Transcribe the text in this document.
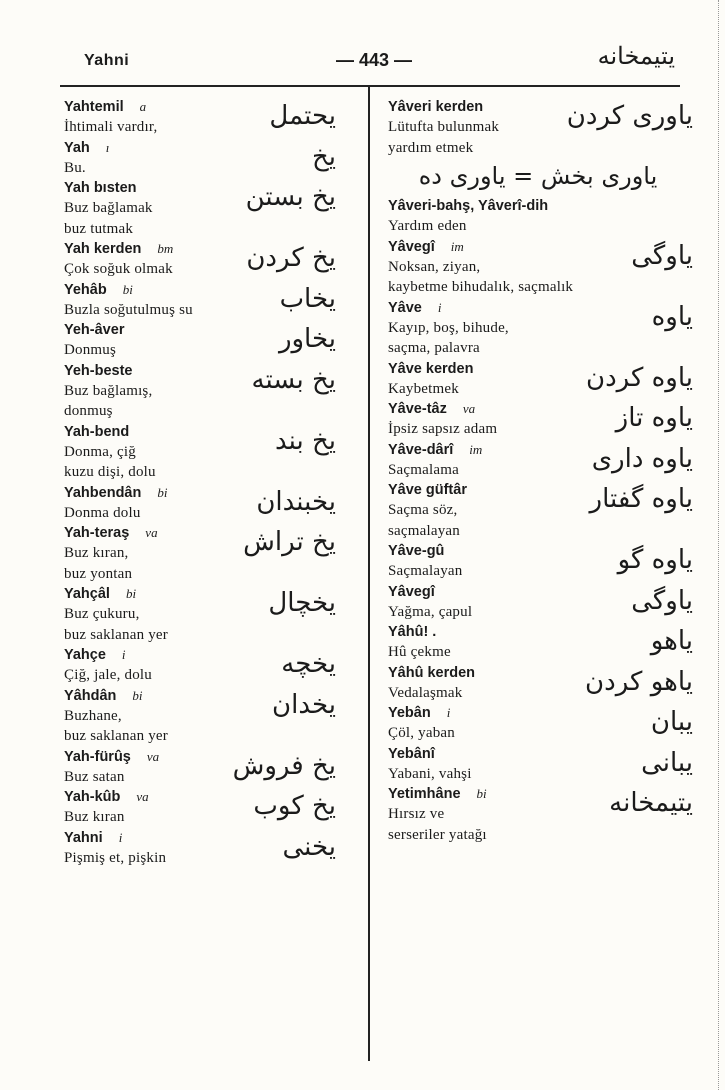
Yahni	— 443 —	يتيمخانه
Yahtemil a
İhtimali vardır,	يحتمل
Yah ı
Bu.	يخ
Yah bısten
Buz bağlamak
buz tutmak
يخ بستن
Yah kerden bm
Çok soğuk olmak	يخ كردن
Yehâb bi
Buzla soğutulmuş su	يخاب
Yeh-âver
Donmuş	يخاور
Yeh-beste
Buz bağlamış,
donmuş
يخ بسته
Yah-bend
Donma, çiğ
kuzu dişi, dolu
يخ بند
Yahbendân bi
Donma dolu	يخبندان
Yah-teraş va
Buz kıran,
buz yontan
يخ تراش
Yahçâl bi
Buz çukuru,
buz saklanan yer
يخچال
Yahçe i
Çiğ, jale, dolu	يخچه
Yâhdân bi
Buzhane,
buz saklanan yer
يخدان
Yah-fürûş va
Buz satan	يخ فروش
Yah-kûb va
Buz kıran	يخ كوب
Yahni i
Pişmiş et, pişkin	يخنى
Yâveri kerden
Lütufta bulunmak
yardım etmek
ياورى كردن
ياورى بخش = ياورى ده
Yâveri-bahş, Yâverî-dih
Yardım eden
Yâvegî im
Noksan, ziyan,
kaybetme bihudalık, saçmalık
ياوگى
Yâve i
Kayıp, boş, bihude,
saçma, palavra
ياوه
Yâve kerden
Kaybetmek	ياوه كردن
Yâve-tâz va
İpsiz sapsız adam	ياوه تاز
Yâve-dârî im
Saçmalama	ياوه دارى
Yâve güftâr
Saçma söz,
saçmalayan
ياوه گفتار
Yâve-gû
Saçmalayan	ياوه گو
Yâvegî
Yağma, çapul	ياوگى
Yâhû! .
Hû çekme	ياهو
Yâhû kerden
Vedalaşmak	ياهو كردن
Yebân i
Çöl, yaban	يبان
Yebânî
Yabani, vahşi	يبانى
Yetimhâne bi
Hırsız ve
serseriler yatağı
يتيمخانه
